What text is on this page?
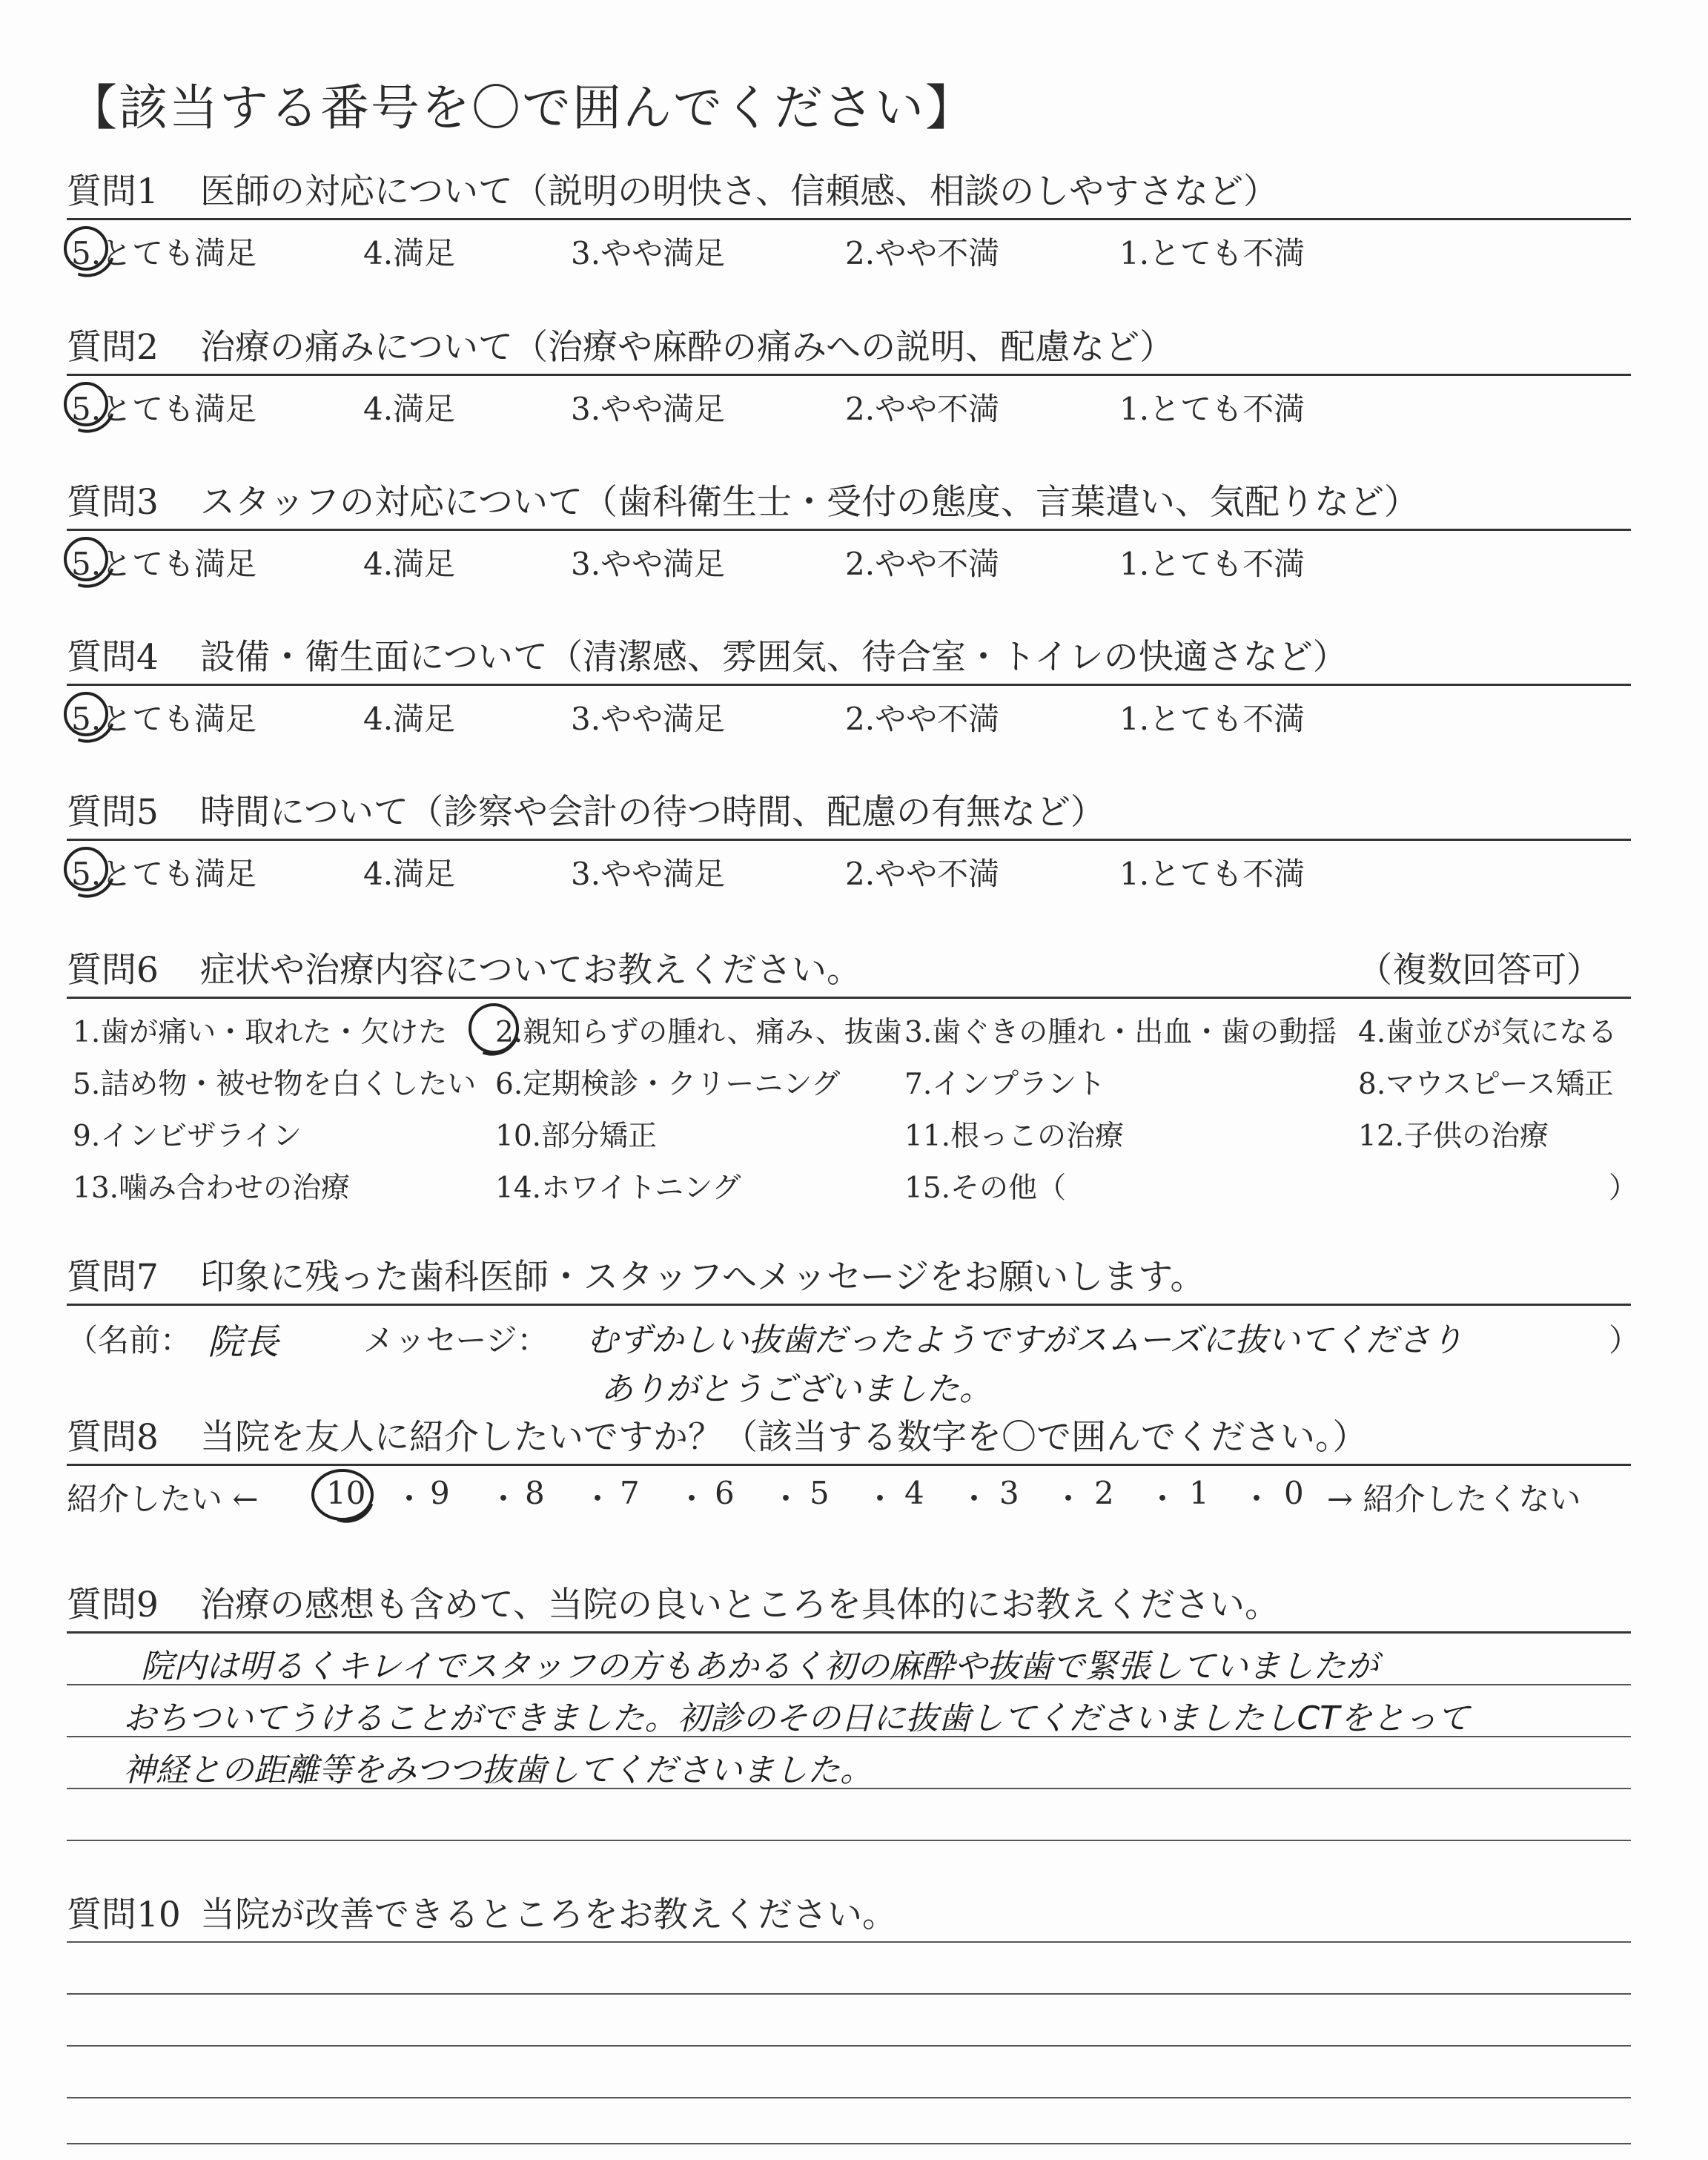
【該当する番号を〇で囲んでください】
質問1 医師の対応について（説明の明快さ、信頼感、相談のしやすさなど）
5.とても満足	4.満足	3.やや満足	2.やや不満	1.とても不満
質問2 治療の痛みについて（治療や麻酔の痛みへの説明、配慮など）
5.とても満足	4.満足	3.やや満足	2.やや不満	1.とても不満
質問3 スタッフの対応について（歯科衛生士・受付の態度、言葉遣い、気配りなど）
5.とても満足	4.満足	3.やや満足	2.やや不満	1.とても不満
質問4 設備・衛生面について（清潔感、雰囲気、待合室・トイレの快適さなど）
5.とても満足	4.満足	3.やや満足	2.やや不満	1.とても不満
質問5 時間について（診察や会計の待つ時間、配慮の有無など）
5.とても満足	4.満足	3.やや満足	2.やや不満	1.とても不満
質問6 症状や治療内容についてお教えください。	（複数回答可）
1.歯が痛い・取れた・欠けた 2.親知らずの腫れ、痛み、抜歯 3.歯ぐきの腫れ・出血・歯の動揺 4.歯並びが気になる
5.詰め物・被せ物を白くしたい 6.定期検診・クリーニング 7.インプラント	8.マウスピース矯正
9.インビザライン	10.部分矯正	11.根っこの治療	12.子供の治療
13.噛み合わせの治療	14.ホワイトニング	15.その他（	）
質問7 印象に残った歯科医師・スタッフへメッセージをお願いします。
（名前： 院長	メッセージ： むずかしい抜歯だったようですがスムーズに抜いてくださり
ありがとうございました。
）
質問8 当院を友人に紹介したいですか？（該当する数字を〇で囲んでください。）
紹介したい ←	→ 紹介したくない
10 ・ 9 ・ 8 ・ 7 ・ 6 ・ 5 ・ 4 ・ 3 ・ 2 ・ 1 ・ 0
質問9 治療の感想も含めて、当院の良いところを具体的にお教えください。
院内は明るくキレイでスタッフの方もあかるく初の麻酔や抜歯で緊張していましたが
おちついてうけることができました。初診のその日に抜歯してくださいましたしCTをとって
神経との距離等をみつつ抜歯してくださいました。
質問10 当院が改善できるところをお教えください。
